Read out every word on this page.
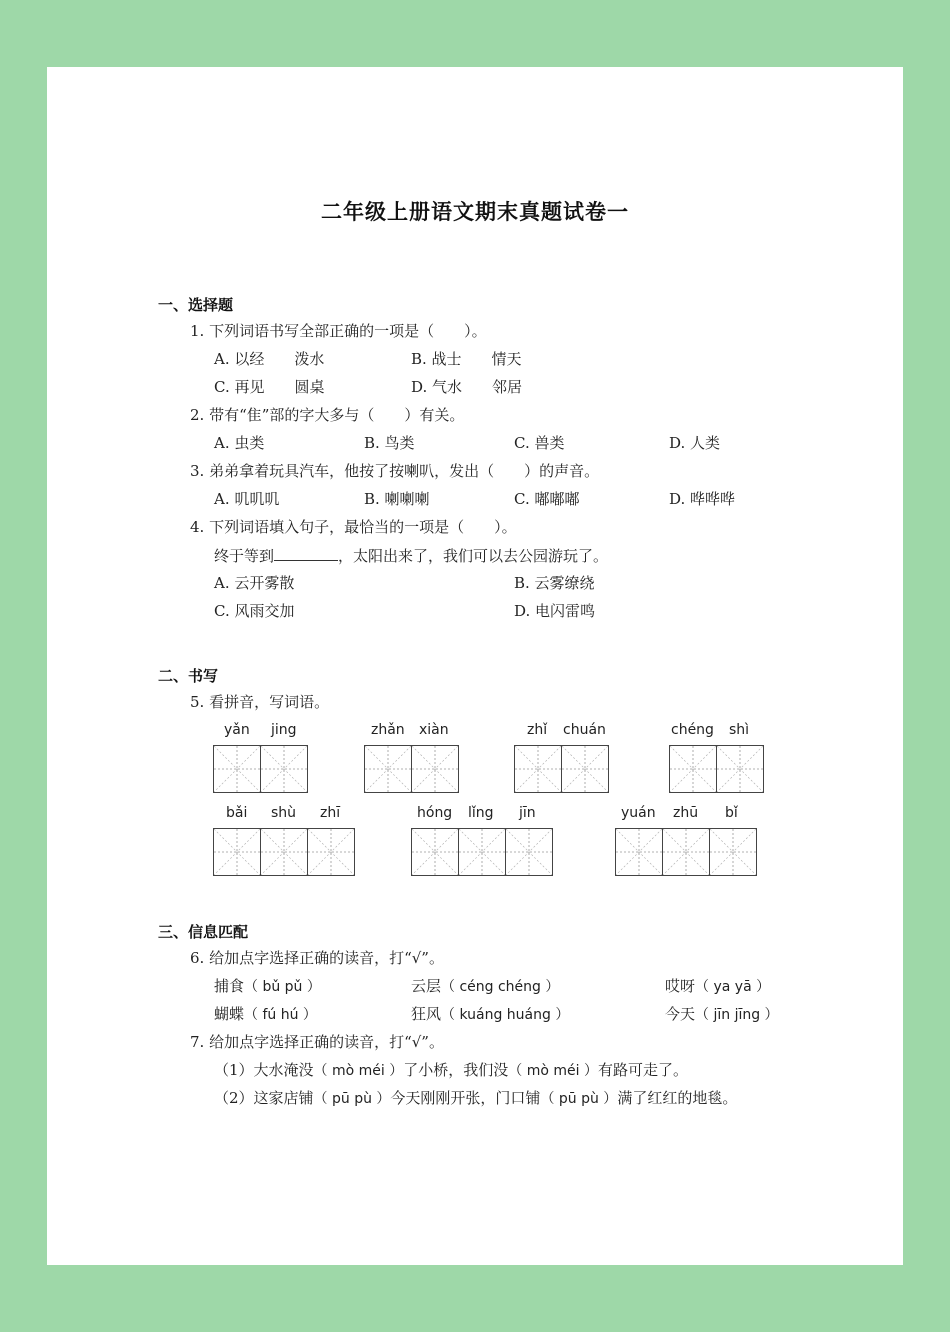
二年级上册语文期末真题试卷一
一、选择题
1. 下列词语书写全部正确的一项是（　　）。
A. 以经　　泼水	B. 战士　　情天
C. 再见　　圆桌	D. 气水　　邻居
2. 带有“隹”部的字大多与（　　）有关。
A. 虫类	B. 鸟类	C. 兽类	D. 人类
3. 弟弟拿着玩具汽车，他按了按喇叭，发出（　　）的声音。
A. 叽叽叽	B. 喇喇喇	C. 嘟嘟嘟	D. 哗哗哗
4. 下列词语填入句子，最恰当的一项是（　　）。
终于等到	，太阳出来了，我们可以去公园游玩了。
A. 云开雾散	B. 云雾缭绕
C. 风雨交加	D. 电闪雷鸣
二、书写
5. 看拼音，写词语。
yǎn jing	zhǎn xiàn	zhǐ chuán	chéng shì
bǎi shù zhī	hóng lǐng jīn	yuán zhū bǐ
三、信息匹配
6. 给加点字选择正确的读音，打“√”。
捕食（ bǔ pǔ ）	云层（ céng chéng ）	哎呀（ ya yā ）
蝴蝶（ fú hú ）	狂风（ kuáng huáng ）	今天（ jīn jīng ）
7. 给加点字选择正确的读音，打“√”。
（1）大水淹没（ mò méi ）了小桥，我们没（ mò méi ）有路可走了。
（2）这家店铺（ pū pù ）今天刚刚开张，门口铺（ pū pù ）满了红红的地毯。
